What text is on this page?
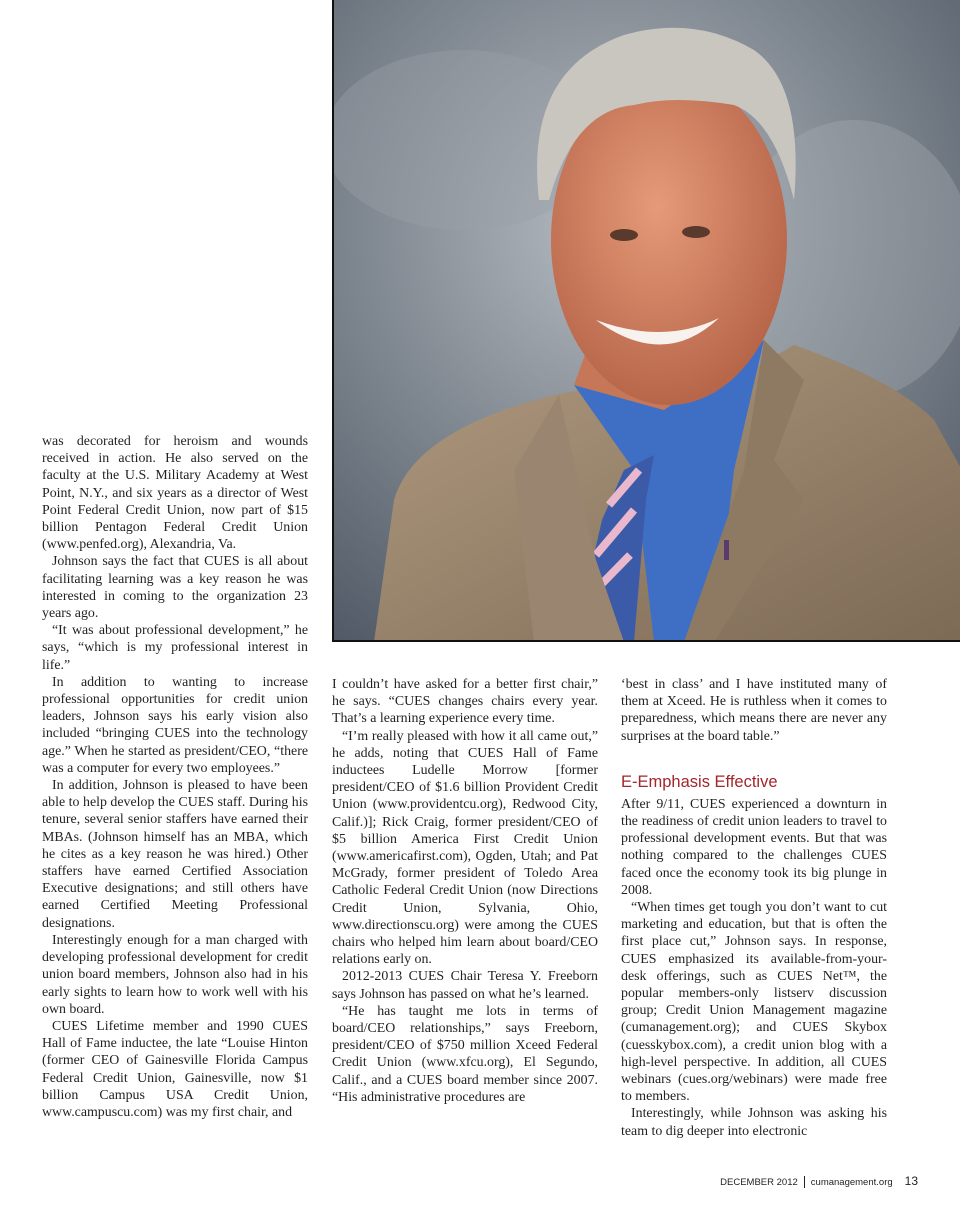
was decorated for heroism and wounds received in action. He also served on the faculty at the U.S. Military Academy at West Point, N.Y., and six years as a director of West Point Federal Credit Union, now part of $15 billion Pentagon Federal Credit Union (www.penfed.org), Alexandria, Va.

Johnson says the fact that CUES is all about facilitating learning was a key reason he was interested in coming to the organization 23 years ago.

“It was about professional development,” he says, “which is my professional interest in life.”

In addition to wanting to increase professional opportunities for credit union leaders, Johnson says his early vision also included “bringing CUES into the technology age.” When he started as president/CEO, “there was a computer for every two employees.”

In addition, Johnson is pleased to have been able to help develop the CUES staff. During his tenure, several senior staffers have earned their MBAs. (Johnson himself has an MBA, which he cites as a key reason he was hired.) Other staffers have earned Certified Association Executive designations; and still others have earned Certified Meeting Professional designations.

Interestingly enough for a man charged with developing professional development for credit union board members, Johnson also had in his early sights to learn how to work well with his own board.

CUES Lifetime member and 1990 CUES Hall of Fame inductee, the late “Louise Hinton (former CEO of Gainesville Florida Campus Federal Credit Union, Gainesville, now $1 billion Campus USA Credit Union, www.campuscu.com) was my first chair, and

I couldn’t have asked for a better first chair,” he says. “CUES changes chairs every year. That’s a learning experience every time.

“I’m really pleased with how it all came out,” he adds, noting that CUES Hall of Fame inductees Ludelle Morrow [former president/CEO of $1.6 billion Provident Credit Union (www.providentcu.org), Redwood City, Calif.)]; Rick Craig, former president/CEO of $5 billion America First Credit Union (www.americafirst.com), Ogden, Utah; and Pat McGrady, former president of Toledo Area Catholic Federal Credit Union (now Directions Credit Union, Sylvania, Ohio, www.directionscu.org) were among the CUES chairs who helped him learn about board/CEO relations early on.

2012-2013 CUES Chair Teresa Y. Freeborn says Johnson has passed on what he’s learned.

“He has taught me lots in terms of board/CEO relationships,” says Freeborn, president/CEO of $750 million Xceed Federal Credit Union (www.xfcu.org), El Segundo, Calif., and a CUES board member since 2007. “His administrative procedures are

‘best in class’ and I have instituted many of them at Xceed. He is ruthless when it comes to preparedness, which means there are never any surprises at the board table.”

E-Emphasis Effective

After 9/11, CUES experienced a downturn in the readiness of credit union leaders to travel to professional development events. But that was nothing compared to the challenges CUES faced once the economy took its big plunge in 2008.

“When times get tough you don’t want to cut marketing and education, but that is often the first place cut,” Johnson says. In response, CUES emphasized its available-from-your-desk offerings, such as CUES Net™, the popular members-only listserv discussion group; Credit Union Management magazine (cumanagement.org); and CUES Skybox (cuesskybox.com), a credit union blog with a high-level perspective. In addition, all CUES webinars (cues.org/webinars) were made free to members.

Interestingly, while Johnson was asking his team to dig deeper into electronic

DECEMBER 2012 cumanagement.org 13
